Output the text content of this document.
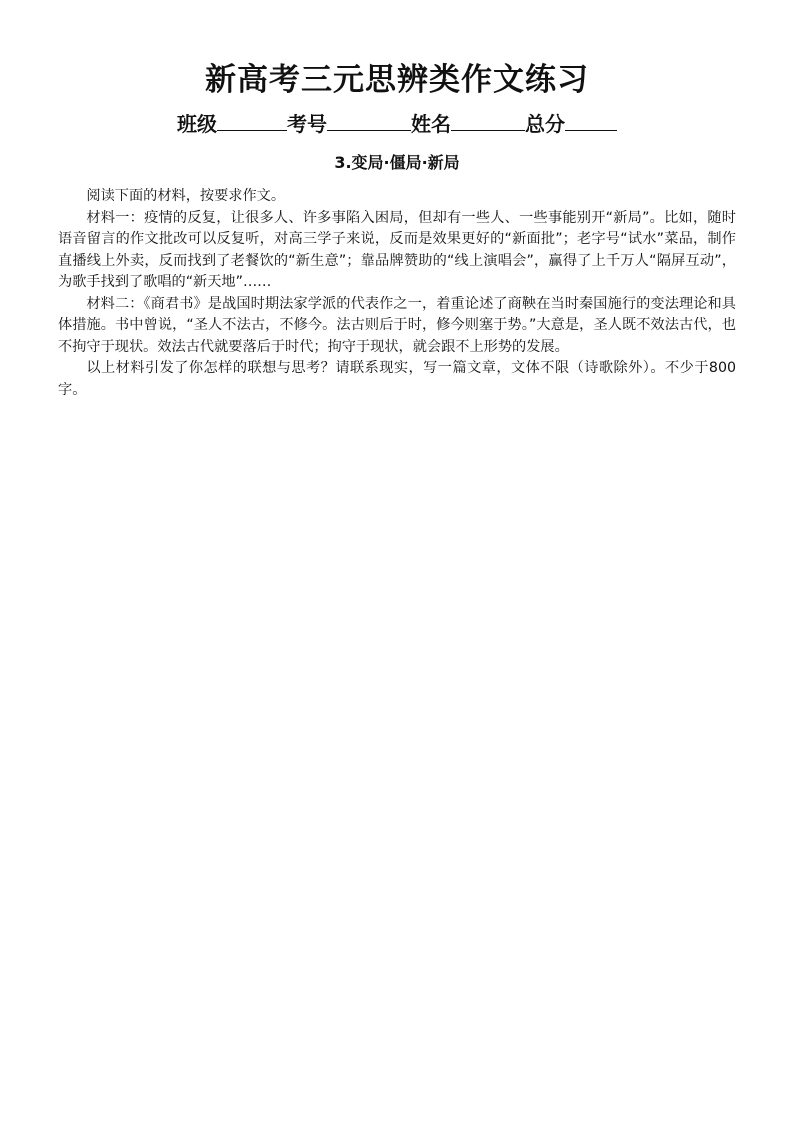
新高考三元思辨类作文练习
班级	考号	姓名	总分
3.变局·僵局·新局

阅读下面的材料，按要求作文。

材料一：疫情的反复，让很多人、许多事陷入困局，但却有一些人、一些事能别开“新局”。比如，随时语音留言的作文批改可以反复听，对高三学子来说，反而是效果更好的“新面批”；老字号“试水”菜品，制作直播线上外卖，反而找到了老餐饮的“新生意”；靠品牌赞助的“线上演唱会”，赢得了上千万人“隔屏互动”，为歌手找到了歌唱的“新天地”……

材料二：《商君书》是战国时期法家学派的代表作之一，着重论述了商鞅在当时秦国施行的变法理论和具体措施。书中曾说，“圣人不法古，不修今。法古则后于时，修今则塞于势。”大意是，圣人既不效法古代，也不拘守于现状。效法古代就要落后于时代；拘守于现状，就会跟不上形势的发展。

以上材料引发了你怎样的联想与思考？请联系现实，写一篇文章，文体不限（诗歌除外）。不少于800字。
